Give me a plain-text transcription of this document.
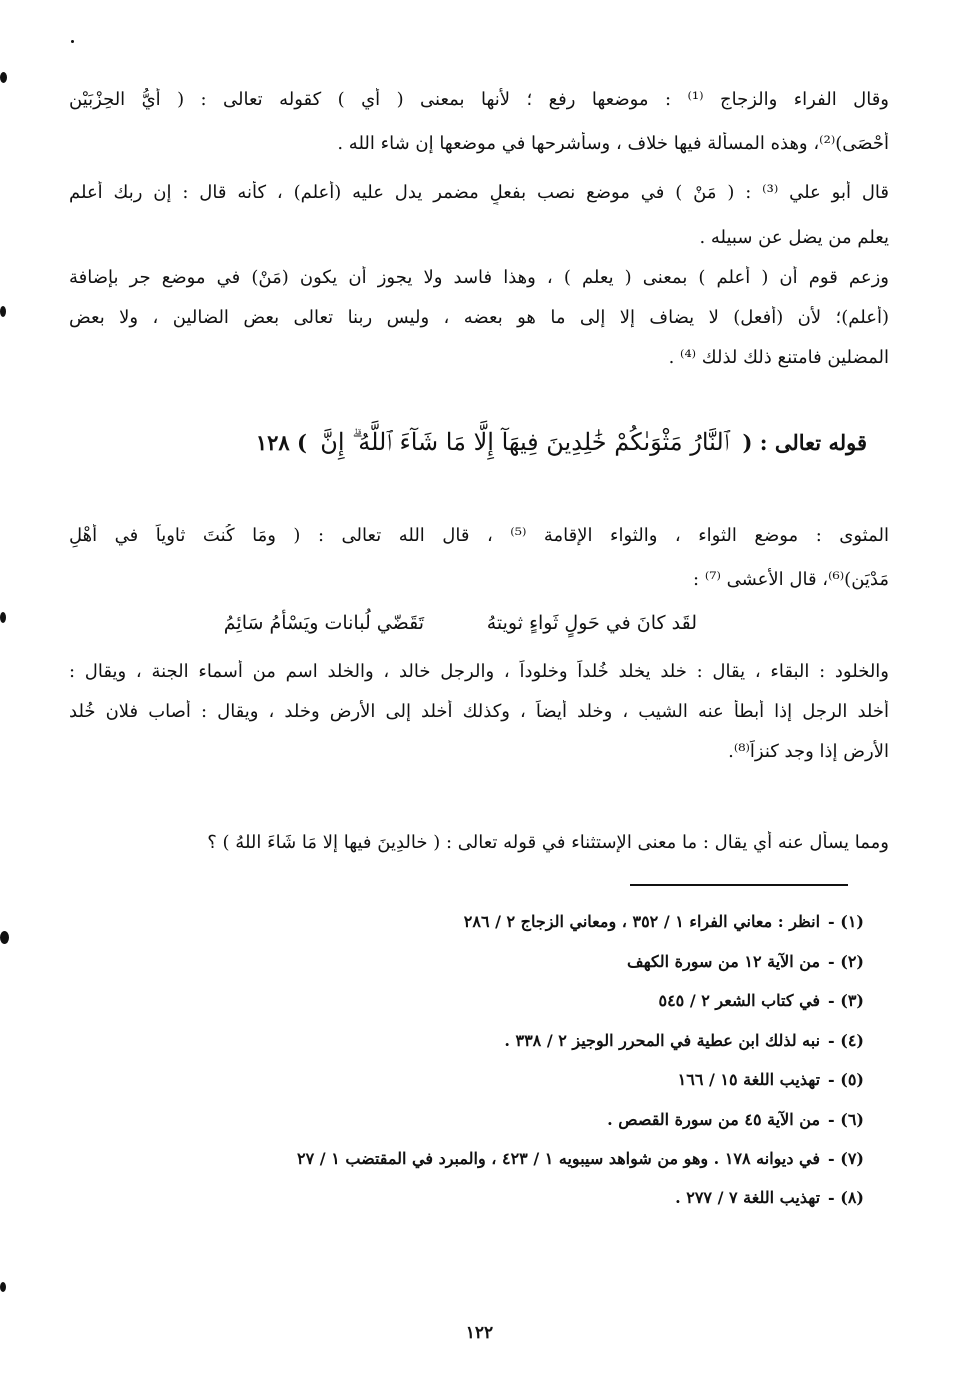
وقال الفراء والزجاج ⁽¹⁾ : موضعها رفع ؛ لأنها بمعنى ( أي ) كقوله تعالى : ( أيُّ الحِزْبَيْن
أحْصَى)⁽²⁾، وهذه المسألة فيها خلاف ، وسأشرحها في موضعها إن شاء الله .
قال أبو علي ⁽³⁾ : ( مَنْ ) في موضع نصب بفعلٍ مضمر يدل عليه (أعلم) ، كأنه قال : إن ربك أعلم
يعلم من يضل عن سبيله .
وزعم قوم أن ( أعلم ) بمعنى ( يعلم ) ، وهذا فاسد ولا يجوز أن يكون (مَنْ) في موضع جر بإضافة
(أعلم)؛ لأن (أفعل) لا يضاف إلا إلى ما هو بعضه ، وليس ربنا تعالى بعض الضالين ، ولا بعض
المضلين فامتنع ذلك لذلك ⁽⁴⁾ .
قوله تعالى : ( ٱلنَّارُ مَثْوَىٰكُمْ خَٰلِدِينَ فِيهَآ إِلَّا مَا شَآءَ ٱللَّهُ ۗ إِنَّ ) ١٢٨
المثوى : موضع الثواء ، والثواء الإقامة ⁽⁵⁾ ، قال الله تعالى : ( ومَا كُنتَ ثاوياً في أهْلِ
مَدْيَن)⁽⁶⁾، قال الأعشى ⁽⁷⁾ :
لقَد كانَ في حَولٍ ثَواءٍ ثويتهُ
تَقَضّي لُبانات ويَسْأمُ سَائِمُ
والخلود : البقاء ، يقال : خلد يخلد خُلداً وخلوداً ، والرجل خالد ، والخلد اسم من أسماء الجنة ، ويقال :
أخلد الرجل إذا أبطأ عنه الشيب ، وخلد أيضاً ، وكذلك أخلد إلى الأرض وخلد ، ويقال : أصاب فلان خُلد
الأرض إذا وجد كنزاً⁽⁸⁾.
ومما يسأل عنه أي يقال : ما معنى الإستثناء في قوله تعالى : ( خالدِينَ فيها إلا مَا شَاءَ اللهُ ) ؟
(١) -انظر : معاني الفراء ١ / ٣٥٢ ، ومعاني الزجاج ٢ / ٢٨٦
(٢) -من الآية ١٢ من سورة الكهف
(٣) -في كتاب الشعر ٢ / ٥٤٥
(٤) -نبه لذلك ابن عطية في المحرر الوجيز ٢ / ٣٣٨ .
(٥) -تهذيب اللغة ١٥ / ١٦٦
(٦) -من الآية ٤٥ من سورة القصص .
(٧) -في ديوانه ١٧٨ . وهو من شواهد سيبويه ١ / ٤٢٣ ، والمبرد في المقتضب ١ / ٢٧
(٨) -تهذيب اللغة ٧ / ٢٧٧ .
١٢٢
